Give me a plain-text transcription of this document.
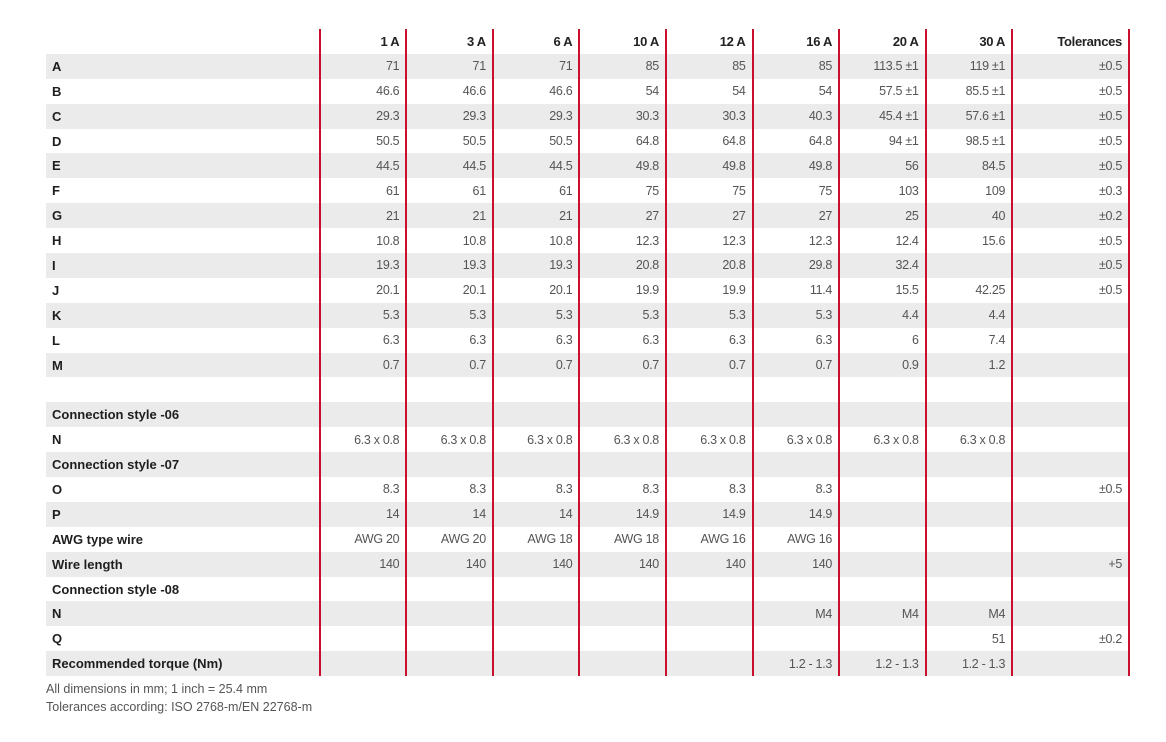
	1 A	3 A	6 A	10 A	12 A	16 A	20 A	30 A	Tolerances
A	71	71	71	85	85	85	113.5 ±1	119 ±1	±0.5
B	46.6	46.6	46.6	54	54	54	57.5 ±1	85.5 ±1	±0.5
C	29.3	29.3	29.3	30.3	30.3	40.3	45.4 ±1	57.6 ±1	±0.5
D	50.5	50.5	50.5	64.8	64.8	64.8	94 ±1	98.5 ±1	±0.5
E	44.5	44.5	44.5	49.8	49.8	49.8	56	84.5	±0.5
F	61	61	61	75	75	75	103	109	±0.3
G	21	21	21	27	27	27	25	40	±0.2
H	10.8	10.8	10.8	12.3	12.3	12.3	12.4	15.6	±0.5
I	19.3	19.3	19.3	20.8	20.8	29.8	32.4		±0.5
J	20.1	20.1	20.1	19.9	19.9	11.4	15.5	42.25	±0.5
K	5.3	5.3	5.3	5.3	5.3	5.3	4.4	4.4	
L	6.3	6.3	6.3	6.3	6.3	6.3	6	7.4	
M	0.7	0.7	0.7	0.7	0.7	0.7	0.9	1.2	

Connection style -06									
N	6.3 x 0.8	6.3 x 0.8	6.3 x 0.8	6.3 x 0.8	6.3 x 0.8	6.3 x 0.8	6.3 x 0.8	6.3 x 0.8	
Connection style -07									
O	8.3	8.3	8.3	8.3	8.3	8.3			±0.5
P	14	14	14	14.9	14.9	14.9			
AWG type wire	AWG 20	AWG 20	AWG 18	AWG 18	AWG 16	AWG 16			
Wire length	140	140	140	140	140	140			+5
Connection style -08									
N						M4	M4	M4	
Q								51	±0.2
Recommended torque (Nm)						1.2 - 1.3	1.2 - 1.3	1.2 - 1.3	
All dimensions in mm; 1 inch = 25.4 mm
Tolerances according: ISO 2768-m/EN 22768-m
